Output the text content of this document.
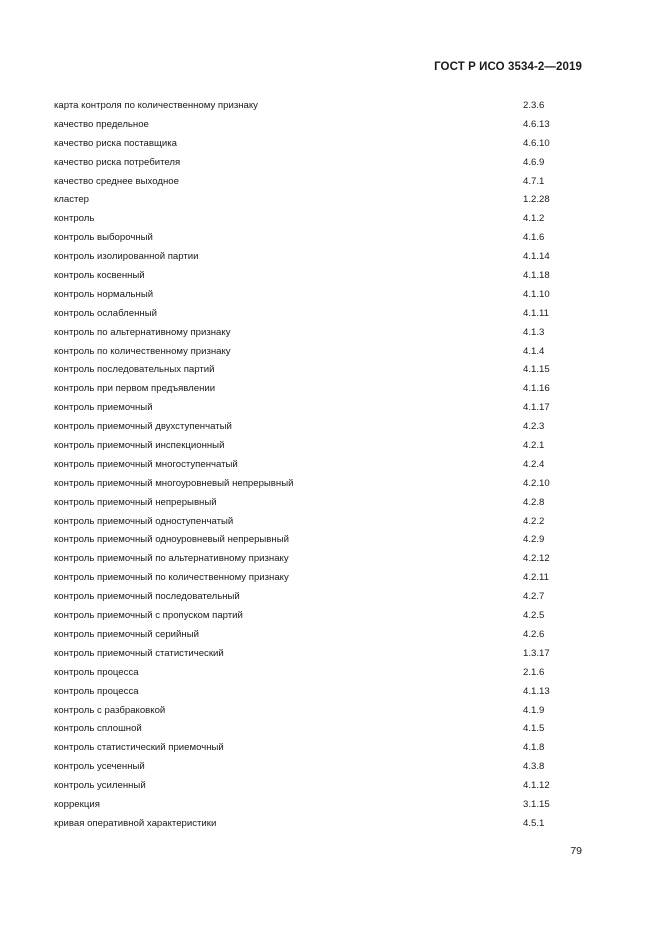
ГОСТ Р ИСО 3534-2—2019
карта контроля по количественному признаку	2.3.6
качество предельное	4.6.13
качество риска поставщика	4.6.10
качество риска потребителя	4.6.9
качество среднее выходное	4.7.1
кластер	1.2.28
контроль	4.1.2
контроль выборочный	4.1.6
контроль изолированной партии	4.1.14
контроль косвенный	4.1.18
контроль нормальный	4.1.10
контроль ослабленный	4.1.11
контроль по альтернативному признаку	4.1.3
контроль по количественному признаку	4.1.4
контроль последовательных партий	4.1.15
контроль при первом предъявлении	4.1.16
контроль приемочный	4.1.17
контроль приемочный двухступенчатый	4.2.3
контроль приемочный инспекционный	4.2.1
контроль приемочный многоступенчатый	4.2.4
контроль приемочный многоуровневый непрерывный	4.2.10
контроль приемочный непрерывный	4.2.8
контроль приемочный одноступенчатый	4.2.2
контроль приемочный одноуровневый непрерывный	4.2.9
контроль приемочный по альтернативному признаку	4.2.12
контроль приемочный по количественному признаку	4.2.11
контроль приемочный последовательный	4.2.7
контроль приемочный с пропуском партий	4.2.5
контроль приемочный серийный	4.2.6
контроль приемочный статистический	1.3.17
контроль процесса	2.1.6
контроль процесса	4.1.13
контроль с разбраковкой	4.1.9
контроль сплошной	4.1.5
контроль статистический приемочный	4.1.8
контроль усеченный	4.3.8
контроль усиленный	4.1.12
коррекция	3.1.15
кривая оперативной характеристики	4.5.1
79
